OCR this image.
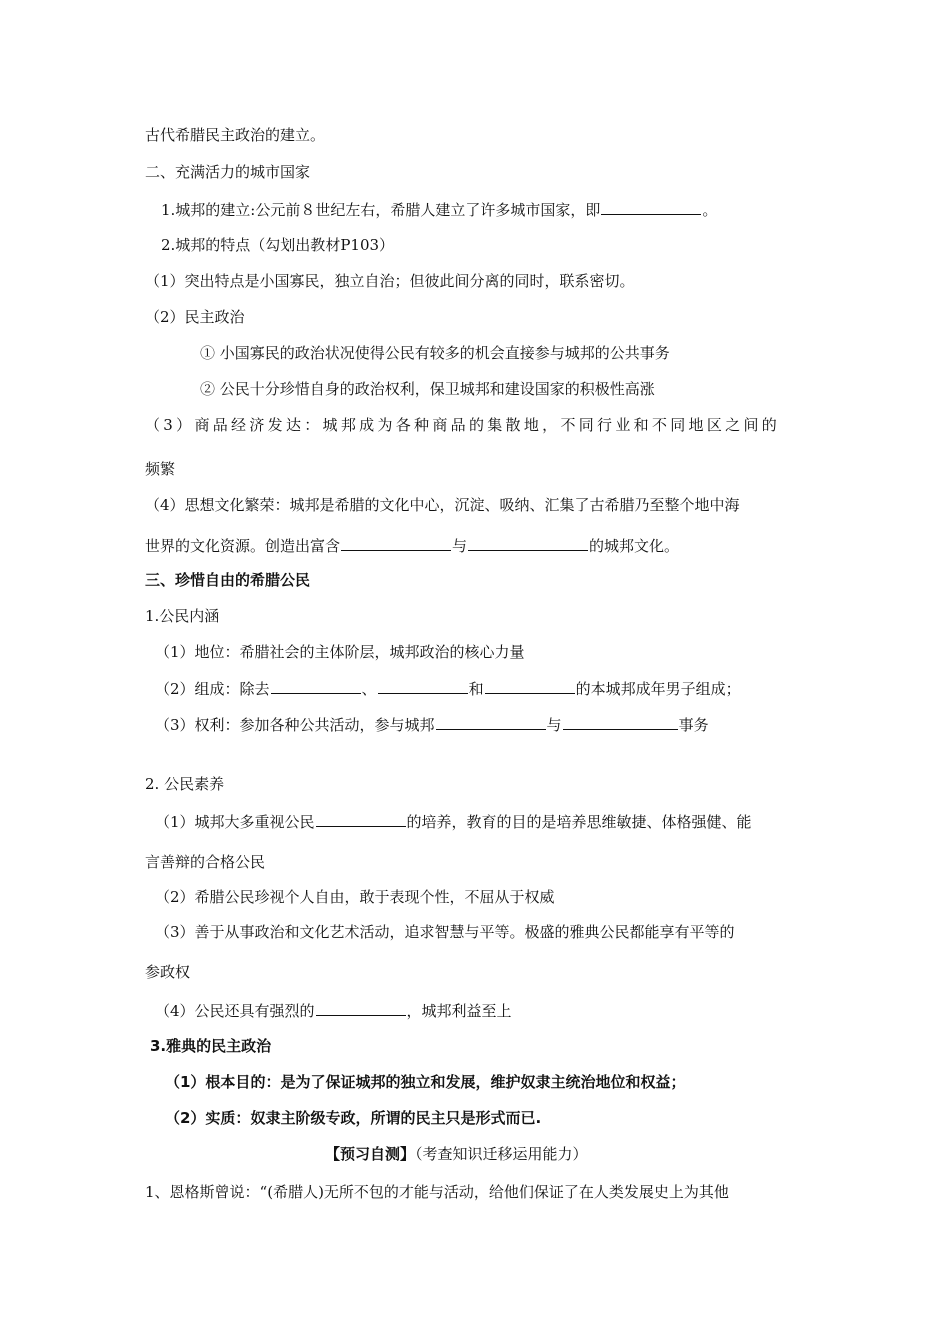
古代希腊民主政治的建立。
二、充满活力的城市国家
1.城邦的建立:公元前８世纪左右，希腊人建立了许多城市国家，即	。
2.城邦的特点（勾划出教材P103）
（1）突出特点是小国寡民，独立自治；但彼此间分离的同时，联系密切。
（2）民主政治
① 小国寡民的政治状况使得公民有较多的机会直接参与城邦的公共事务
② 公民十分珍惜自身的政治权利，保卫城邦和建设国家的积极性高涨
（3）商品经济发达：城邦成为各种商品的集散地，不同行业和不同地区之间的
频繁
（4）思想文化繁荣：城邦是希腊的文化中心，沉淀、吸纳、汇集了古希腊乃至整个地中海
世界的文化资源。创造出富含	与	的城邦文化。
三、珍惜自由的希腊公民
1.公民内涵
（1）地位：希腊社会的主体阶层，城邦政治的核心力量
（2）组成：除去	、	和	的本城邦成年男子组成；
（3）权利：参加各种公共活动，参与城邦	与	事务
2. 公民素养
（1）城邦大多重视公民	的培养，教育的目的是培养思维敏捷、体格强健、能
言善辩的合格公民
（2）希腊公民珍视个人自由，敢于表现个性，不屈从于权威
（3）善于从事政治和文化艺术活动，追求智慧与平等。极盛的雅典公民都能享有平等的
参政权
（4）公民还具有强烈的	，城邦利益至上
3.雅典的民主政治
（1）根本目的：是为了保证城邦的独立和发展，维护奴隶主统治地位和权益；
（2）实质：奴隶主阶级专政，所谓的民主只是形式而已.
【预习自测】（考查知识迁移运用能力）
1、恩格斯曾说：“(希腊人)无所不包的才能与活动，给他们保证了在人类发展史上为其他
